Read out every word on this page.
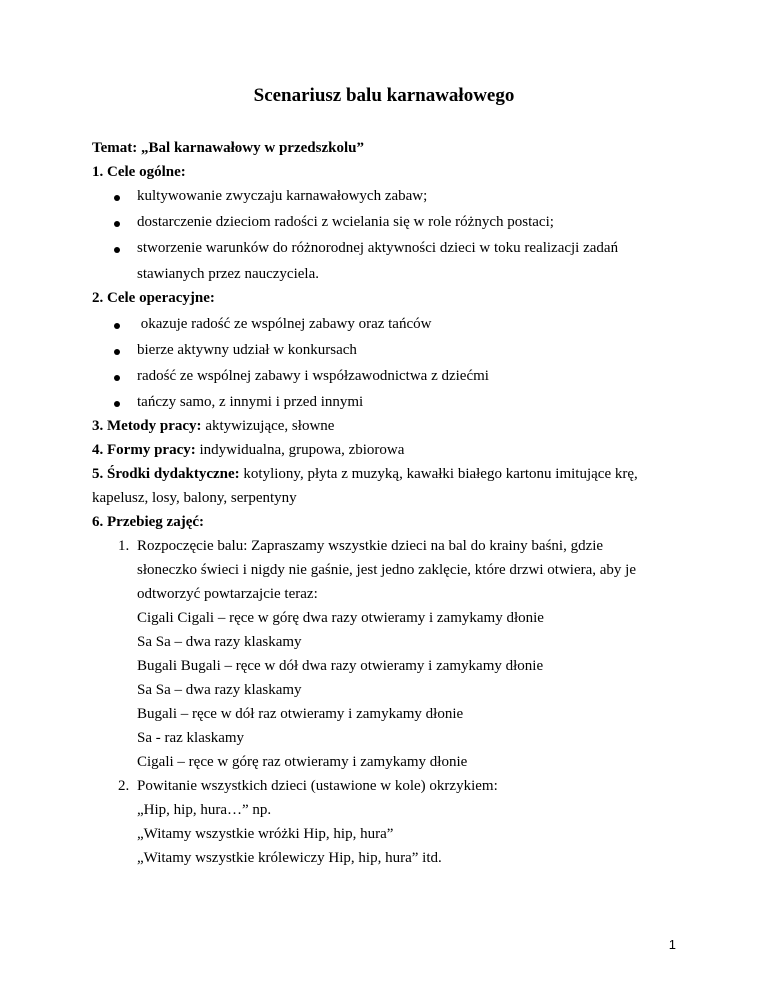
Scenariusz balu karnawałowego
Temat: „Bal karnawałowy w przedszkolu”
1. Cele ogólne:
kultywowanie zwyczaju karnawałowych zabaw;
dostarczenie dzieciom radości z wcielania się w role różnych postaci;
stworzenie warunków do różnorodnej aktywności dzieci w toku realizacji zadań
stawianych przez nauczyciela.
2. Cele operacyjne:
okazuje radość ze wspólnej zabawy oraz tańców
bierze aktywny udział w konkursach
radość ze wspólnej zabawy i współzawodnictwa z dziećmi
tańczy samo, z innymi i przed innymi
3. Metody pracy: aktywizujące, słowne
4. Formy pracy: indywidualna, grupowa, zbiorowa
5. Środki dydaktyczne: kotyliony, płyta z muzyką, kawałki białego kartonu imitujące krę,
kapelusz, losy, balony, serpentyny
6. Przebieg zajęć:
1. Rozpoczęcie balu: Zapraszamy wszystkie dzieci na bal do krainy baśni, gdzie
słoneczko świeci i nigdy nie gaśnie, jest jedno zaklęcie, które drzwi otwiera, aby je
odtworzyć powtarzajcie teraz:
Cigali Cigali – ręce w górę dwa razy otwieramy i zamykamy dłonie
Sa Sa – dwa razy klaskamy
Bugali Bugali – ręce w dół dwa razy otwieramy i zamykamy dłonie
Sa Sa – dwa razy klaskamy
Bugali – ręce w dół raz otwieramy i zamykamy dłonie
Sa - raz klaskamy
Cigali – ręce w górę raz otwieramy i zamykamy dłonie
2. Powitanie wszystkich dzieci (ustawione w kole) okrzykiem:
„Hip, hip, hura…” np.
„Witamy wszystkie wróżki Hip, hip, hura”
„Witamy wszystkie królewiczy Hip, hip, hura” itd.
1
